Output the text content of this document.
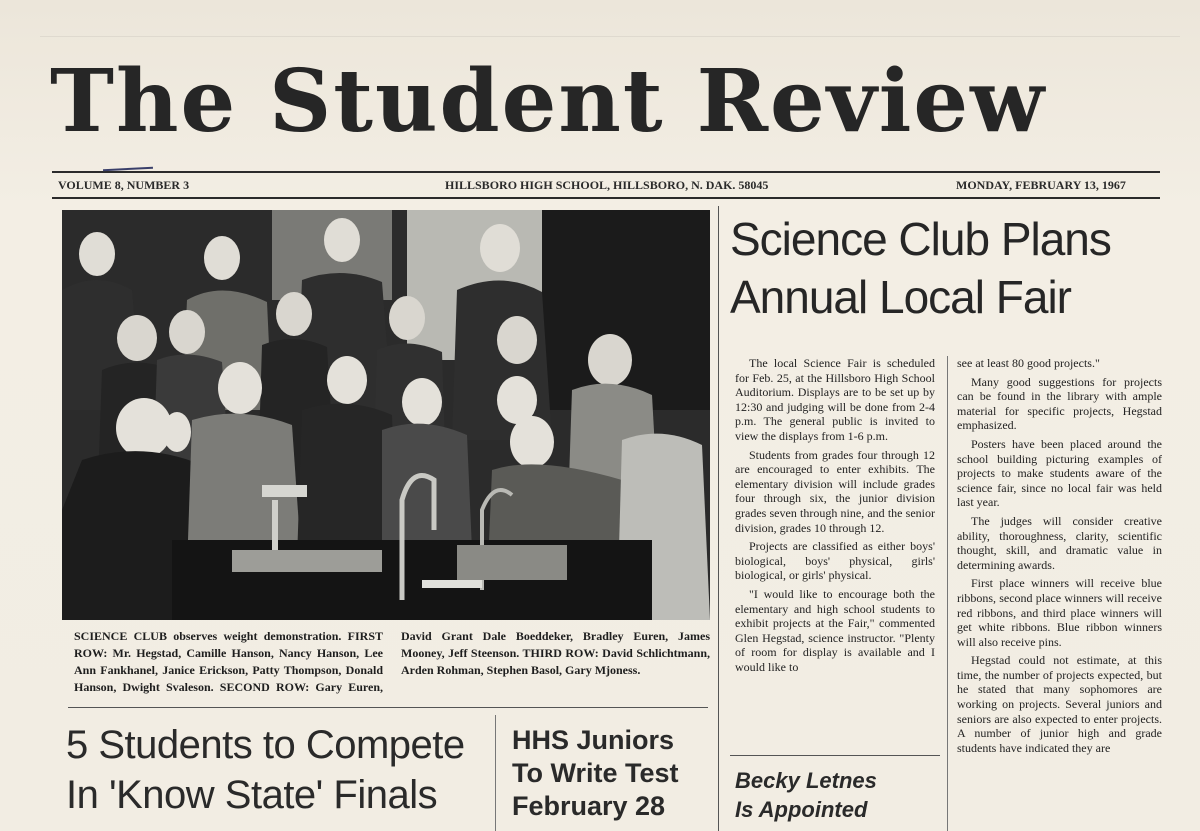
The Student Review
VOLUME 8, NUMBER 3	HILLSBORO HIGH SCHOOL, HILLSBORO, N. DAK. 58045	MONDAY, FEBRUARY 13, 1967
SCIENCE CLUB observes weight demonstration. FIRST ROW: Mr. Hegstad, Camille Hanson, Nancy Hanson, Lee Ann Fankhanel, Janice Erickson, Patty Thompson, Donald Hanson, Dwight Svaleson. SECOND ROW: Gary Euren, David Grant Dale Boeddeker, Bradley Euren, James Mooney, Jeff Steenson. THIRD ROW: David Schlichtmann, Arden Rohman, Stephen Basol, Gary Mjoness.
Science Club Plans
Annual Local Fair

The local Science Fair is scheduled for Feb. 25, at the Hillsboro High School Auditorium. Displays are to be set up by 12:30 and judging will be done from 2-4 p.m. The general public is invited to view the displays from 1-6 p.m.

Students from grades four through 12 are encouraged to enter exhibits. The elementary division will include grades four through six, the junior division grades seven through nine, and the senior division, grades 10 through 12.

Projects are classified as either boys' biological, boys' physical, girls' biological, or girls' physical.

"I would like to encourage both the elementary and high school students to exhibit projects at the Fair," commented Glen Hegstad, science instructor. "Plenty of room for display is available and I would like to

see at least 80 good projects."

Many good suggestions for projects can be found in the library with ample material for specific projects, Hegstad emphasized.

Posters have been placed around the school building picturing examples of projects to make students aware of the science fair, since no local fair was held last year.

The judges will consider creative ability, thoroughness, clarity, scientific thought, skill, and dramatic value in determining awards.

First place winners will receive blue ribbons, second place winners will receive red ribbons, and third place winners will get white ribbons. Blue ribbon winners will also receive pins.

Hegstad could not estimate, at this time, the number of projects expected, but he stated that many sophomores are working on projects. Several juniors and seniors are also expected to enter projects. A number of junior high and grade students have indicated they are

5 Students to Compete
In 'Know State' Finals
HHS Juniors
To Write Test
February 28
Becky Letnes
Is Appointed
